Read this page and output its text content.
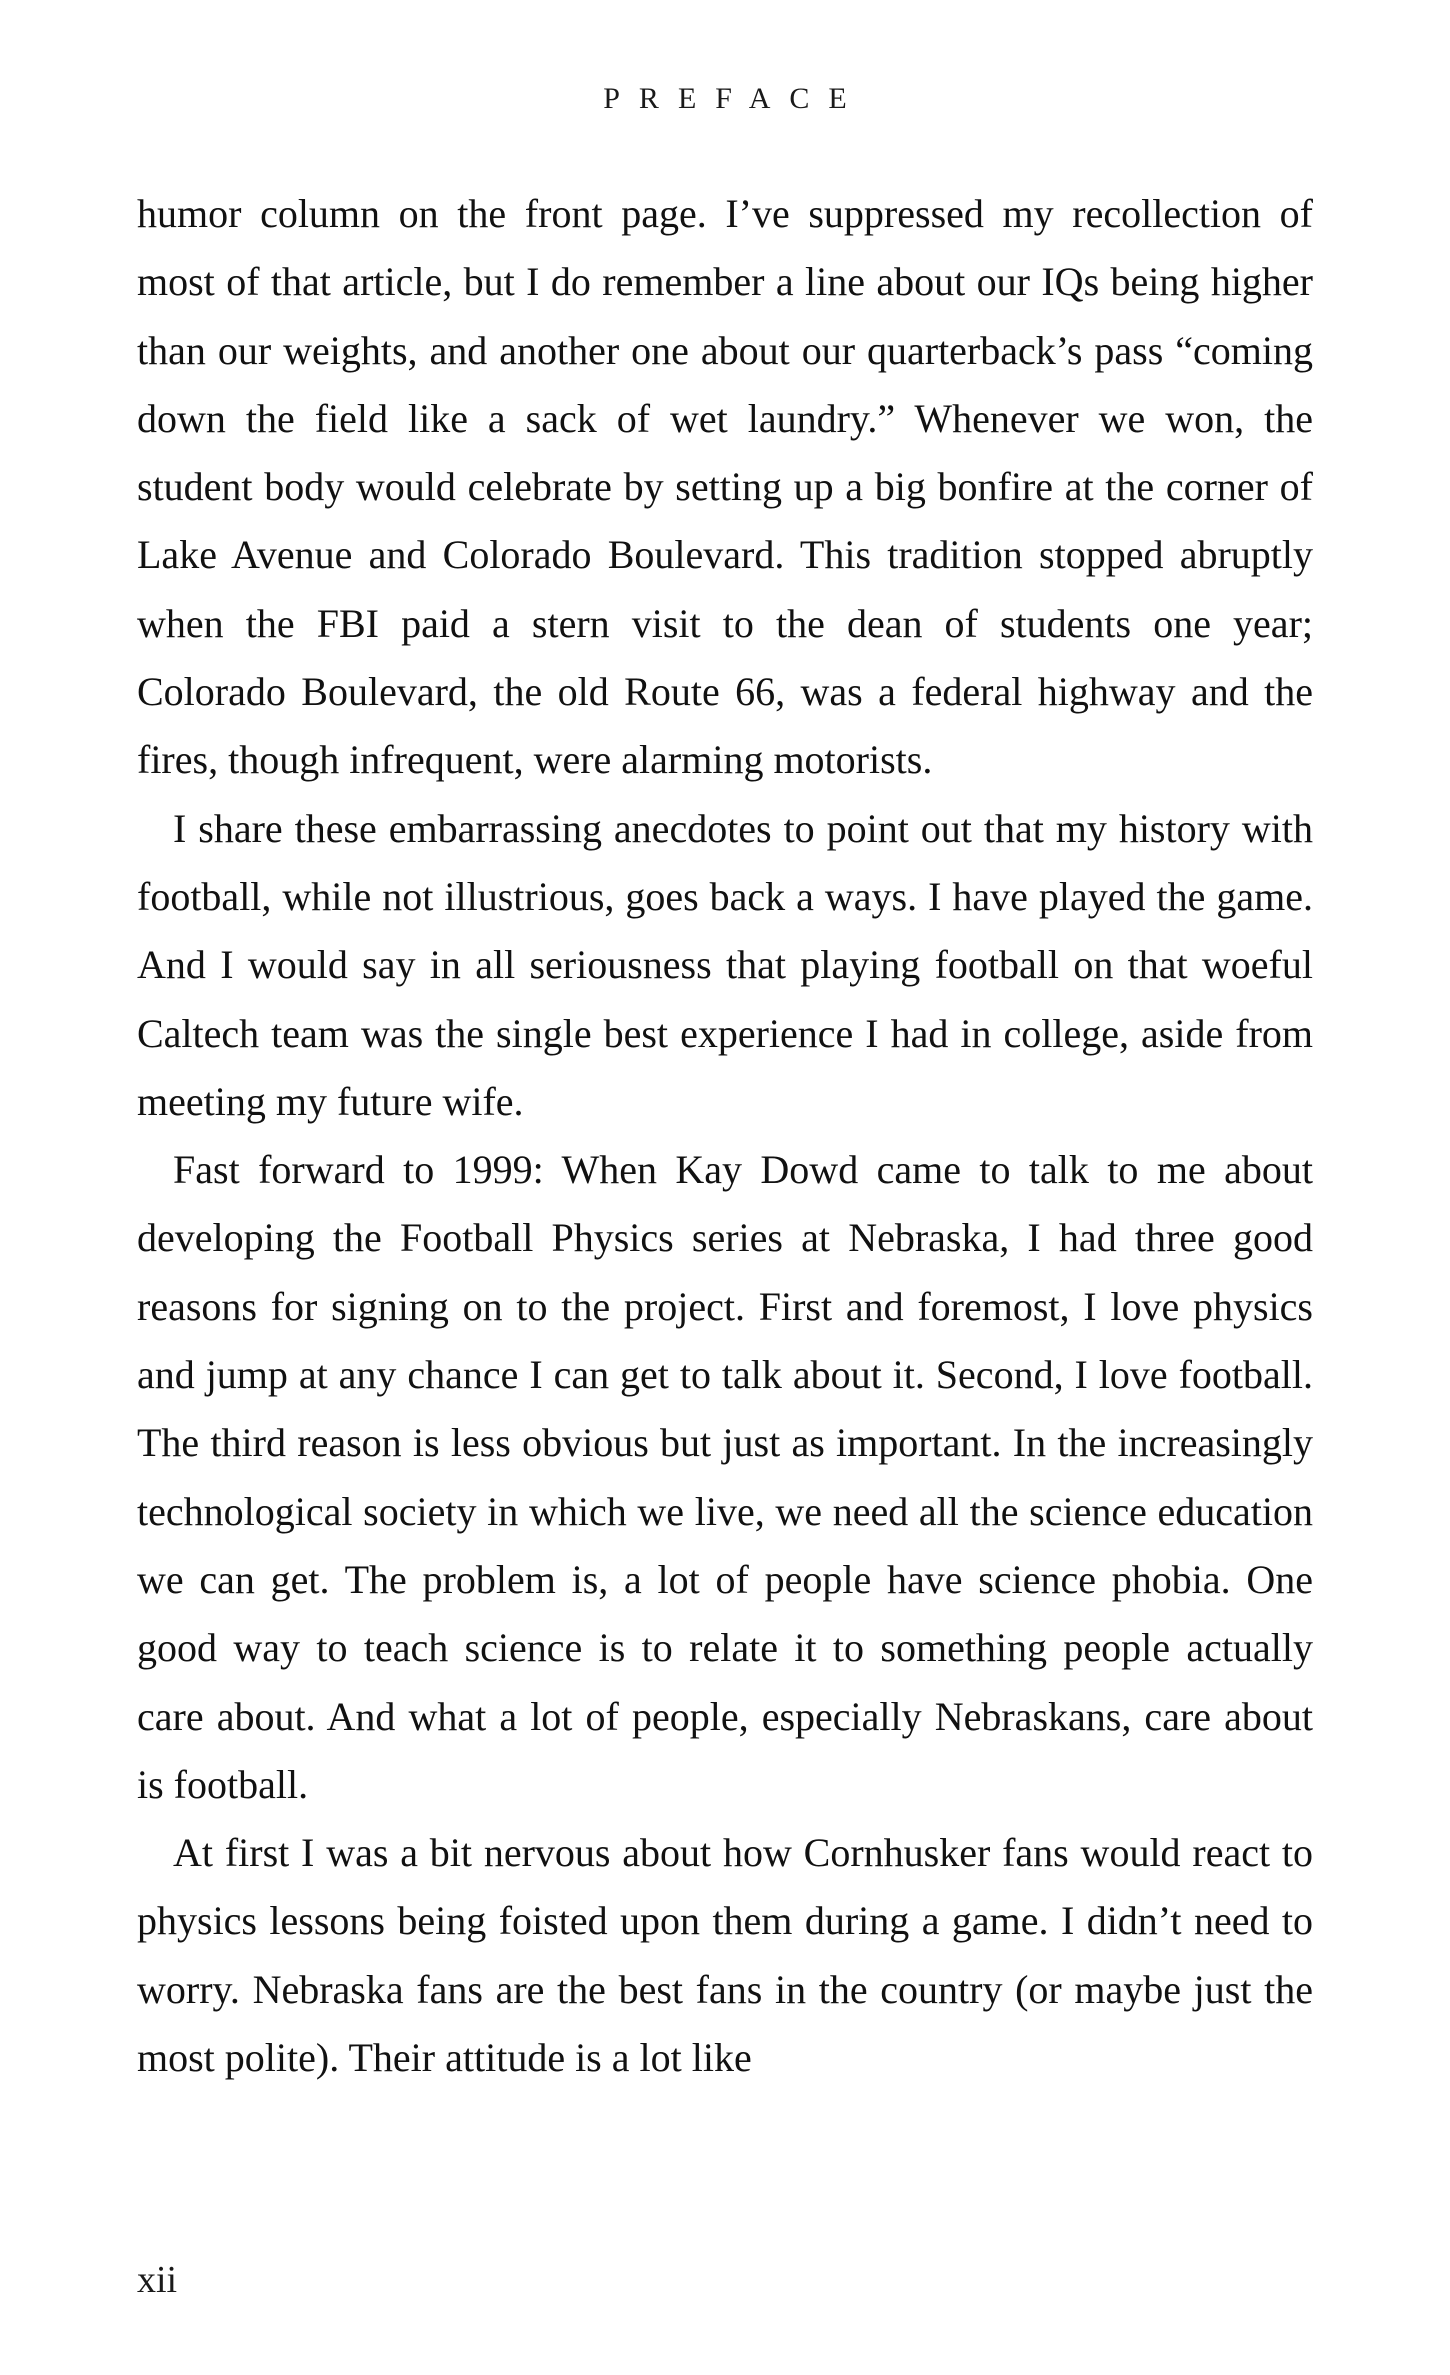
PREFACE

humor column on the front page. I’ve suppressed my recollection of most of that article, but I do remember a line about our IQs being higher than our weights, and another one about our quarterback’s pass “coming down the field like a sack of wet laundry.” Whenever we won, the student body would celebrate by setting up a big bonfire at the corner of Lake Avenue and Colorado Boulevard. This tradition stopped abruptly when the FBI paid a stern visit to the dean of students one year; Colorado Boulevard, the old Route 66, was a federal highway and the fires, though infrequent, were alarming motorists.

I share these embarrassing anecdotes to point out that my history with football, while not illustrious, goes back a ways. I have played the game. And I would say in all seriousness that playing football on that woeful Caltech team was the single best experience I had in college, aside from meeting my future wife.

Fast forward to 1999: When Kay Dowd came to talk to me about developing the Football Physics series at Nebraska, I had three good reasons for signing on to the project. First and foremost, I love physics and jump at any chance I can get to talk about it. Second, I love football. The third reason is less obvious but just as important. In the increasingly technological society in which we live, we need all the science education we can get. The problem is, a lot of people have science phobia. One good way to teach science is to relate it to something people actually care about. And what a lot of people, especially Nebraskans, care about is football.

At first I was a bit nervous about how Cornhusker fans would react to physics lessons being foisted upon them during a game. I didn’t need to worry. Nebraska fans are the best fans in the country (or maybe just the most polite). Their attitude is a lot like

xii
